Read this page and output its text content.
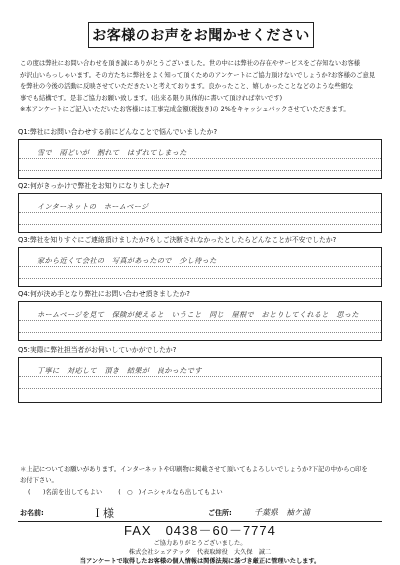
お客様のお声をお聞かせください

この度は弊社にお問い合わせを頂き誠にありがとうございました。世の中には弊社の存在やサービスをご存知ないお客様

が沢山いらっしゃいます。その方たちに弊社をよく知って頂くためのアンケートにご協力頂けないでしょうか?お客様のご意見

を弊社の今後の活動に反映させていただきたいと考えております。良かったこと、嬉しかったことなどのような些細な

事でも結構です。是非ご協力お願い致します。(出来る限り具体的に書いて頂ければ幸いです)

※本アンケートにご記入いただいたお客様には工事完成金額(税抜き)の 2%をキャッシュバックさせていただきます。

Q1:弊社にお問い合わせする前にどんなことで悩んでいましたか?
雪で　雨どいが　割れて　はずれてしまった
Q2:何がきっかけで弊社をお知りになりましたか?
インターネットの　ホームページ
Q3:弊社を知りすぐにご連絡頂けましたか?もしご決断されなかったとしたらどんなことが不安でしたか?
家から近くて会社の　写真があったので　少し待った
Q4:何が決め手となり弊社にお問い合わせ頂きましたか?
ホームページを見て　保険が使えると　いうこと　同じ　屋根で　おとりしてくれると　思った
Q5:実際に弊社担当者がお伺いしていかがでしたか?
丁寧に　対応して　頂き　結果が　良かったです

＊上記についてお願いがあります。インターネットや印刷物に掲載させて頂いてもよろしいでしょうか?下記の中から○印を

お付下さい。

(　　)名前を出してもよい	(　○　)イニシャルなら出してもよい
お名前:	Ｉ様	ご住所:	千葉県　袖ケ浦
FAX　0438－60－7774
ご協力ありがとうございました。
株式会社シェアテック　代表取締役　大久保　誠二
当アンケートで取得したお客様の個人情報は関係法規に基づき厳正に管理いたします。
